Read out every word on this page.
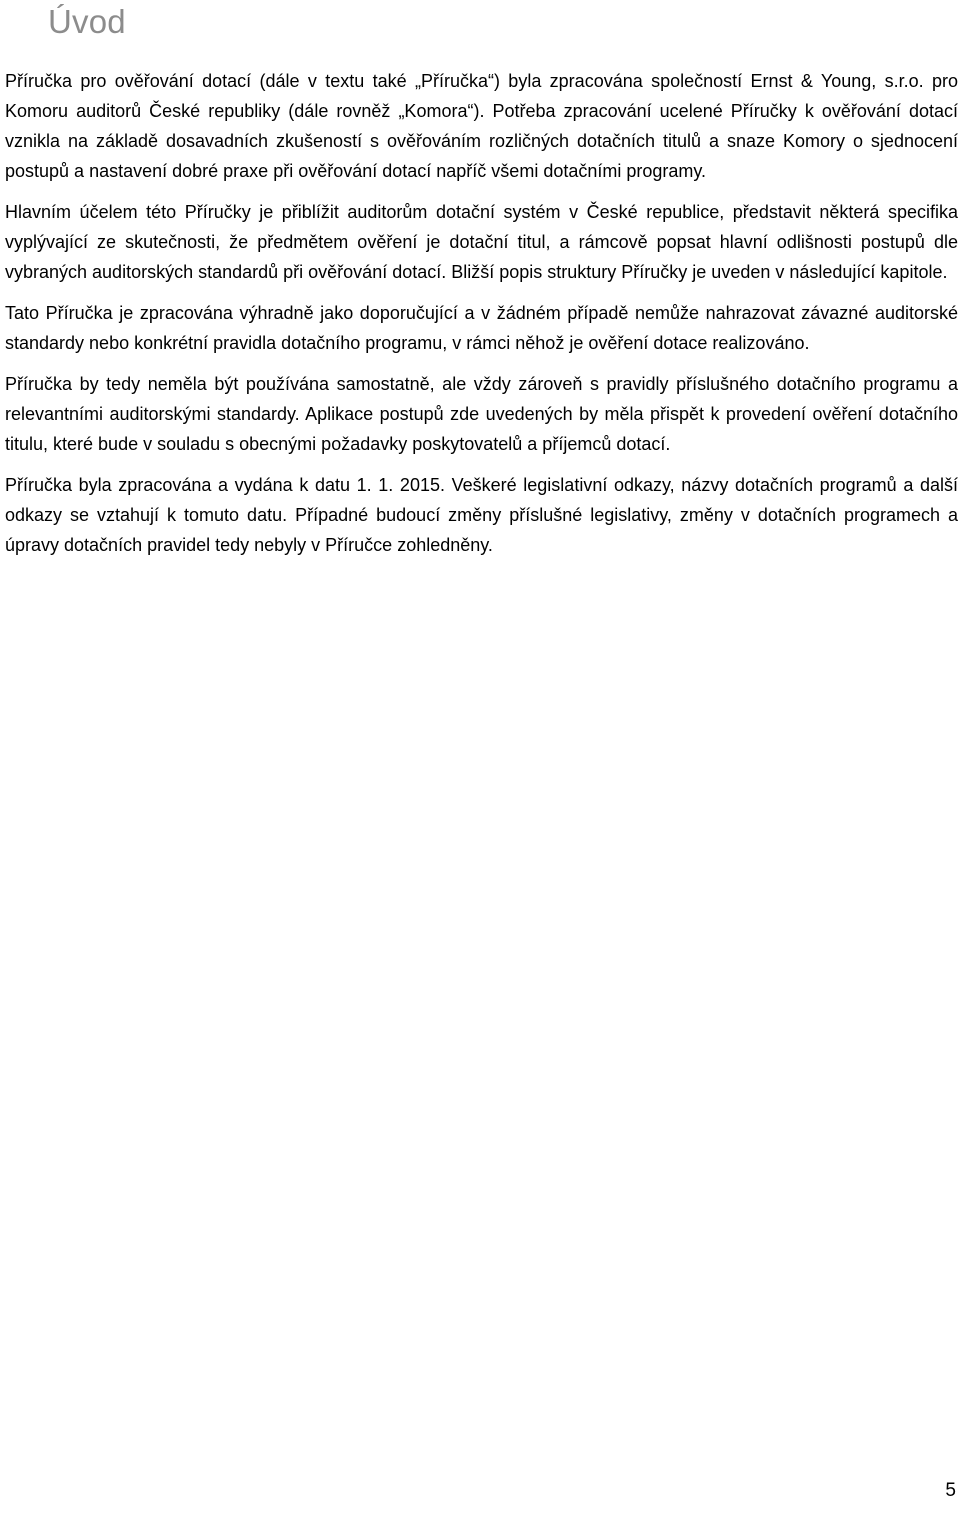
Úvod

Příručka pro ověřování dotací (dále v textu také „Příručka“) byla zpracována společností Ernst & Young, s.r.o. pro Komoru auditorů České republiky (dále rovněž „Komora“). Potřeba zpracování ucelené Příručky k ověřování dotací vznikla na základě dosavadních zkušeností s ověřováním rozličných dotačních titulů a snaze Komory o sjednocení postupů a nastavení dobré praxe při ověřování dotací napříč všemi dotačními programy.

Hlavním účelem této Příručky je přiblížit auditorům dotační systém v České republice, představit některá specifika vyplývající ze skutečnosti, že předmětem ověření je dotační titul, a rámcově popsat hlavní odlišnosti postupů dle vybraných auditorských standardů při ověřování dotací. Bližší popis struktury Příručky je uveden v následující kapitole.

Tato Příručka je zpracována výhradně jako doporučující a v žádném případě nemůže nahrazovat závazné auditorské standardy nebo konkrétní pravidla dotačního programu, v rámci něhož je ověření dotace realizováno.

Příručka by tedy neměla být používána samostatně, ale vždy zároveň s pravidly příslušného dotačního programu a relevantními auditorskými standardy. Aplikace postupů zde uvedených by měla přispět k provedení ověření dotačního titulu, které bude v souladu s obecnými požadavky poskytovatelů a příjemců dotací.

Příručka byla zpracována a vydána k datu 1. 1. 2015. Veškeré legislativní odkazy, názvy dotačních programů a další odkazy se vztahují k tomuto datu. Případné budoucí změny příslušné legislativy, změny v dotačních programech a úpravy dotačních pravidel tedy nebyly v Příručce zohledněny.

5
